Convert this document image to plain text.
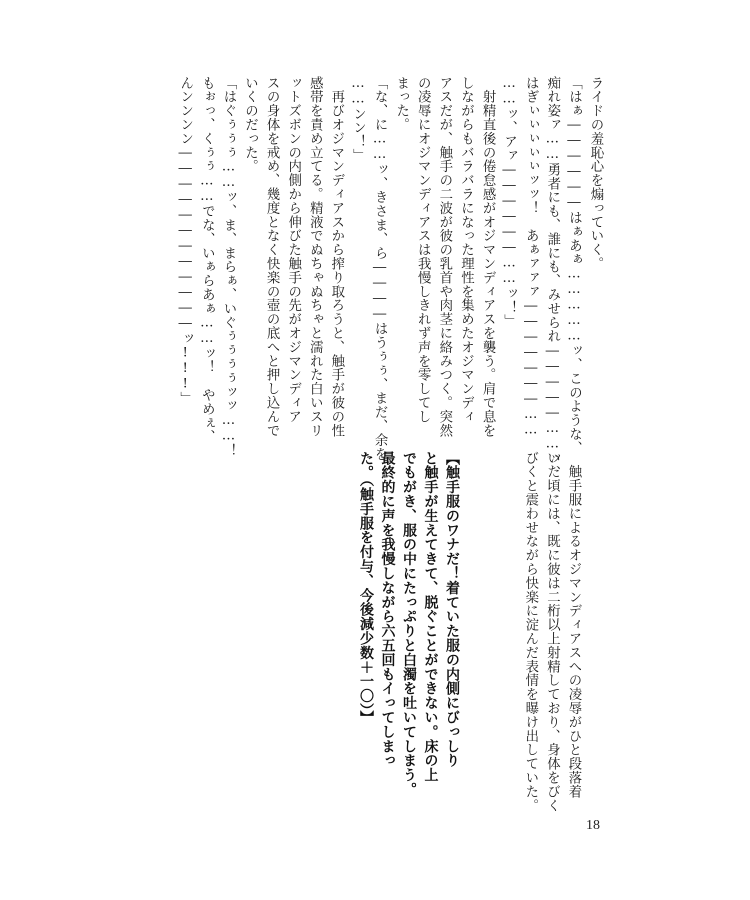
ライドの羞恥心を煽っていく。
「はぁ――――――はぁあぁ……………ッ、このような、
痴れ姿ァ……勇者にも、誰にも、みせられ―――――……ッ、
はぎぃぃぃぃぃッッ！　あぁァァァ―――――――……
……ッ、アァ――――――……ッ！」
　射精直後の倦怠感がオジマンディアスを襲う。肩で息を
しながらもバラバラになった理性を集めたオジマンディ
アスだが、触手の二波が彼の乳首や肉茎に絡みつく。突然
の凌辱にオジマンディアスは我慢しきれず声を零してし
まった。
「な、に……ッ、きさま、ら――――はうぅぅ、まだ、余を
……ンン！」
　再びオジマンディアスから搾り取ろうと、触手が彼の性
感帯を責め立てる。精液でぬちゃぬちゃと濡れた白いスリ
ットズボンの内側から伸びた触手の先がオジマンディア
スの身体を戒め、幾度となく快楽の壺の底へと押し込んで
いくのだった。
「はぐぅぅぅ……ッ、ま、まらぁ、いぐぅぅぅぅッッ……！
もぉっ、くぅぅ……でな、いぁらあぁ……ッ！　やめぇ、
んンンンン――――――――――――ッ!!!」
　触手服によるオジマンディアスへの凌辱がひと段落着
いた頃には、既に彼は二桁以上射精しており、身体をびく
びくと震わせながら快楽に淀んだ表情を曝け出していた。
【触手服のワナだ！着ていた服の内側にびっしり
と触手が生えてきて、脱ぐことができない。床の上
でもがき、服の中にたっぷりと白濁を吐いてしまう。
最終的に声を我慢しながら六五回もイってしまっ
た。（触手服を付与、今後減少数＋一〇）】
18
